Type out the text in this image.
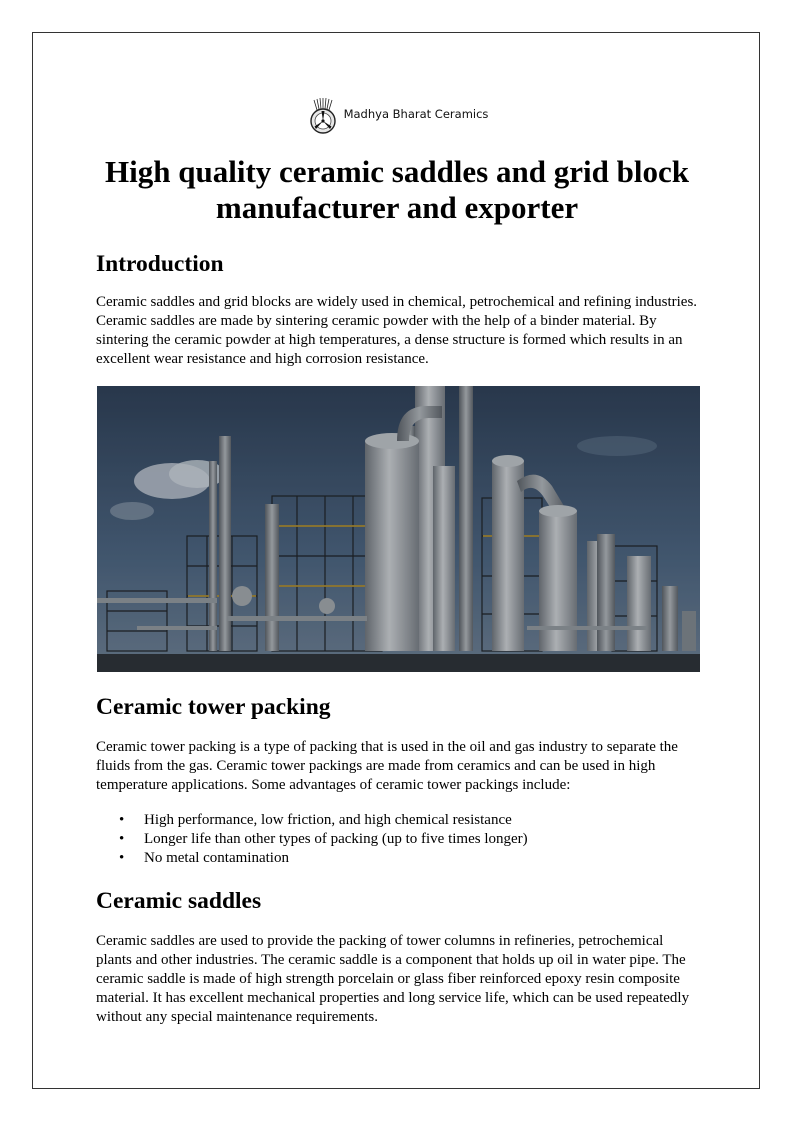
Madhya Bharat Ceramics
High quality ceramic saddles and grid block manufacturer and exporter
Introduction

Ceramic saddles and grid blocks are widely used in chemical, petrochemical and refining industries. Ceramic saddles are made by sintering ceramic powder with the help of a binder material. By sintering the ceramic powder at high temperatures, a dense structure is formed which results in an excellent wear resistance and high corrosion resistance.

Ceramic tower packing

Ceramic tower packing is a type of packing that is used in the oil and gas industry to separate the fluids from the gas. Ceramic tower packings are made from ceramics and can be used in high temperature applications. Some advantages of ceramic tower packings include:

• High performance, low friction, and high chemical resistance
• Longer life than other types of packing (up to five times longer)
• No metal contamination
Ceramic saddles

Ceramic saddles are used to provide the packing of tower columns in refineries, petrochemical plants and other industries. The ceramic saddle is a component that holds up oil in water pipe. The ceramic saddle is made of high strength porcelain or glass fiber reinforced epoxy resin composite material. It has excellent mechanical properties and long service life, which can be used repeatedly without any special maintenance requirements.
